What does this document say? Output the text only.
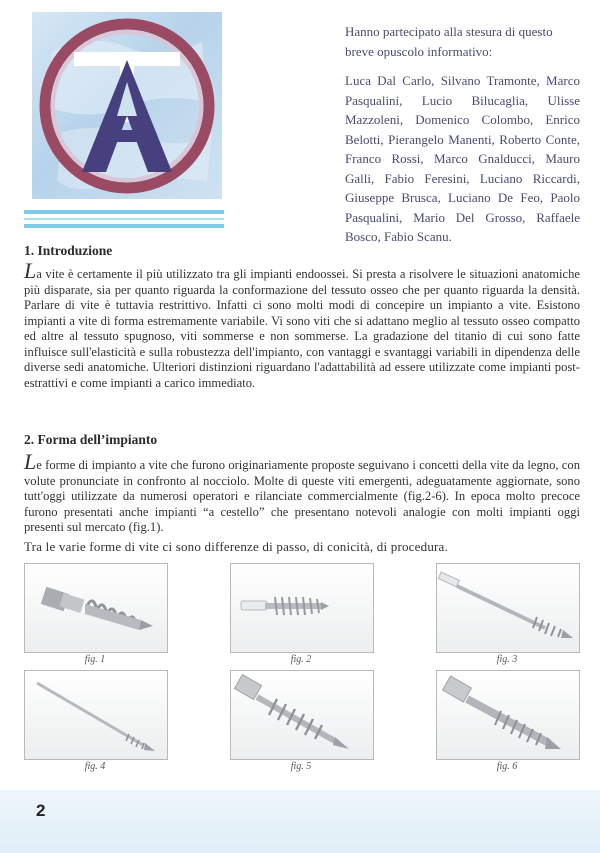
Hanno partecipato alla stesura di questo breve opuscolo informativo:

Luca Dal Carlo, Silvano Tramonte, Marco Pasqualini, Lucio Bilucaglia, Ulisse Mazzoleni, Domenico Colombo, Enrico Belotti, Pierangelo Manenti, Roberto Conte, Franco Rossi, Marco Gnalducci, Mauro Galli, Fabio Feresini, Luciano Riccardi, Giuseppe Brusca, Luciano De Feo, Paolo Pasqualini, Mario Del Grosso, Raffaele Bosco, Fabio Scanu.

1. Introduzione

La vite è certamente il più utilizzato tra gli impianti endoossei. Si presta a risolvere le situazioni anatomiche più disparate, sia per quanto riguarda la conformazione del tessuto osseo che per quanto riguarda la densità. Parlare di vite è tuttavia restrittivo. Infatti ci sono molti modi di concepire un impianto a vite. Esistono impianti a vite di forma estremamente variabile. Vi sono viti che si adattano meglio al tessuto osseo compatto ed altre al tessuto spugnoso, viti sommerse e non sommerse. La gradazione del titanio di cui sono fatte influisce sull'elasticità e sulla robustezza dell'impianto, con vantaggi e svantaggi variabili in dipendenza delle diverse sedi anatomiche. Ulteriori distinzioni riguardano l'adattabilità ad essere utilizzate come impianti post-estrattivi e come impianti a carico immediato.

2. Forma dell’impianto

Le forme di impianto a vite che furono originariamente proposte seguivano i concetti della vite da legno, con volute pronunciate in confronto al nocciolo. Molte di queste viti emergenti, adeguatamente aggiornate, sono tutt'oggi utilizzate da numerosi operatori e rilanciate commercialmente (fig.2-6). In epoca molto precoce furono presentati anche impianti “a cestello” che presentano notevoli analogie con molti impianti oggi presenti sul mercato (fig.1).

Tra le varie forme di vite ci sono differenze di passo, di conicità, di procedura.

fig. 1	fig. 2	fig. 3
fig. 4	fig. 5	fig. 6
2
